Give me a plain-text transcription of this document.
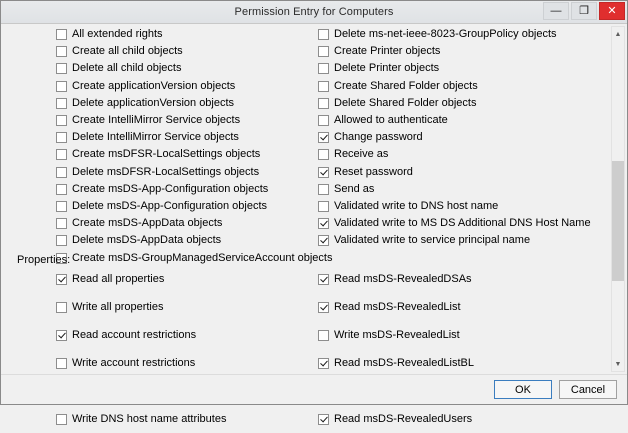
Permission Entry for Computers	—	❐	✕
All extended rights
Create all child objects
Delete all child objects
Create applicationVersion objects
Delete applicationVersion objects
Create IntelliMirror Service objects
Delete IntelliMirror Service objects
Create msDFSR-LocalSettings objects
Delete msDFSR-LocalSettings objects
Create msDS-App-Configuration objects
Delete msDS-App-Configuration objects
Create msDS-AppData objects
Delete msDS-AppData objects
Create msDS-GroupManagedServiceAccount objects
Delete ms-net-ieee-8023-GroupPolicy objects
Create Printer objects
Delete Printer objects
Create Shared Folder objects
Delete Shared Folder objects
Allowed to authenticate
Change password
Receive as
Reset password
Send as
Validated write to DNS host name
Validated write to MS DS Additional DNS Host Name
Validated write to service principal name
Properties:
Read all properties
Write all properties
Read account restrictions
Write account restrictions
Write DNS host name attributes
Read msDS-RevealedDSAs
Read msDS-RevealedList
Write msDS-RevealedList
Read msDS-RevealedListBL
Read msDS-RevealedUsers
▲
▼
OK	Cancel
